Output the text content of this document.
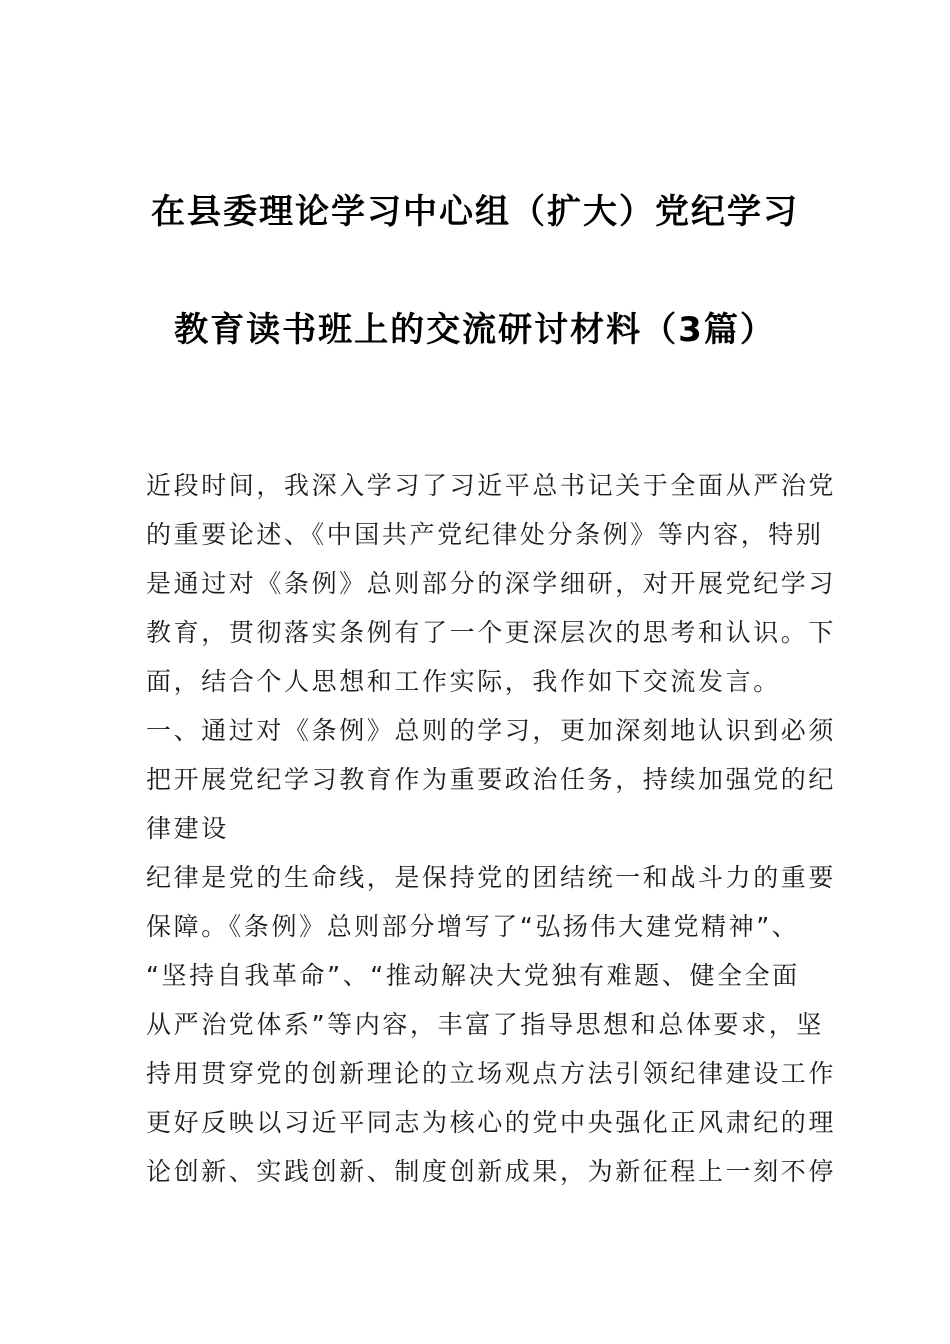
在县委理论学习中心组（扩大）党纪学习
教育读书班上的交流研讨材料（3篇）
近段时间，我深入学习了习近平总书记关于全面从严治党
的重要论述、《中国共产党纪律处分条例》等内容，特别
是通过对《条例》总则部分的深学细研，对开展党纪学习
教育，贯彻落实条例有了一个更深层次的思考和认识。下
面，结合个人思想和工作实际，我作如下交流发言。
一、通过对《条例》总则的学习，更加深刻地认识到必须
把开展党纪学习教育作为重要政治任务，持续加强党的纪
律建设
纪律是党的生命线，是保持党的团结统一和战斗力的重要
保障。《条例》总则部分增写了“弘扬伟大建党精神”、
“坚持自我革命”、“推动解决大党独有难题、健全全面
从严治党体系”等内容，丰富了指导思想和总体要求，坚
持用贯穿党的创新理论的立场观点方法引领纪律建设工作
更好反映以习近平同志为核心的党中央强化正风肃纪的理
论创新、实践创新、制度创新成果，为新征程上一刻不停
